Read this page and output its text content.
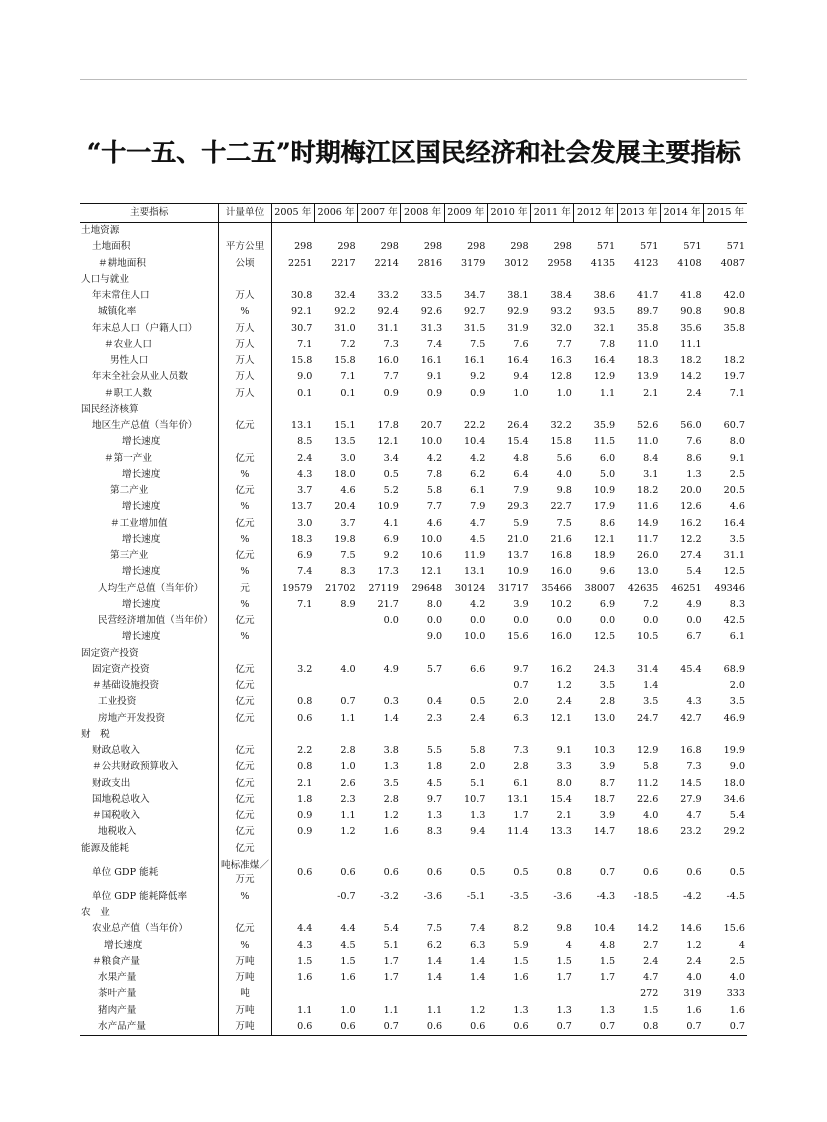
“十一五、十二五”时期梅江区国民经济和社会发展主要指标
主要指标	计量单位	2005 年	2006 年	2007 年	2008 年	2009 年	2010 年	2011 年	2012 年	2013 年	2014 年	2015 年
土地资源												
土地面积	平方公里	298	298	298	298	298	298	298	571	571	571	571
＃耕地面积	公顷	2251	2217	2214	2816	3179	3012	2958	4135	4123	4108	4087
人口与就业												
年末常住人口	万人	30.8	32.4	33.2	33.5	34.7	38.1	38.4	38.6	41.7	41.8	42.0
城镇化率	%	92.1	92.2	92.4	92.6	92.7	92.9	93.2	93.5	89.7	90.8	90.8
年末总人口（户籍人口）	万人	30.7	31.0	31.1	31.3	31.5	31.9	32.0	32.1	35.8	35.6	35.8
＃农业人口	万人	7.1	7.2	7.3	7.4	7.5	7.6	7.7	7.8	11.0	11.1	
男性人口	万人	15.8	15.8	16.0	16.1	16.1	16.4	16.3	16.4	18.3	18.2	18.2
年末全社会从业人员数	万人	9.0	7.1	7.7	9.1	9.2	9.4	12.8	12.9	13.9	14.2	19.7
＃职工人数	万人	0.1	0.1	0.9	0.9	0.9	1.0	1.0	1.1	2.1	2.4	7.1
国民经济核算												
地区生产总值（当年价）	亿元	13.1	15.1	17.8	20.7	22.2	26.4	32.2	35.9	52.6	56.0	60.7
增长速度		8.5	13.5	12.1	10.0	10.4	15.4	15.8	11.5	11.0	7.6	8.0
＃第一产业	亿元	2.4	3.0	3.4	4.2	4.2	4.8	5.6	6.0	8.4	8.6	9.1
增长速度	%	4.3	18.0	0.5	7.8	6.2	6.4	4.0	5.0	3.1	1.3	2.5
第二产业	亿元	3.7	4.6	5.2	5.8	6.1	7.9	9.8	10.9	18.2	20.0	20.5
增长速度	%	13.7	20.4	10.9	7.7	7.9	29.3	22.7	17.9	11.6	12.6	4.6
＃工业增加值	亿元	3.0	3.7	4.1	4.6	4.7	5.9	7.5	8.6	14.9	16.2	16.4
增长速度	%	18.3	19.8	6.9	10.0	4.5	21.0	21.6	12.1	11.7	12.2	3.5
第三产业	亿元	6.9	7.5	9.2	10.6	11.9	13.7	16.8	18.9	26.0	27.4	31.1
增长速度	%	7.4	8.3	17.3	12.1	13.1	10.9	16.0	9.6	13.0	5.4	12.5
人均生产总值（当年价）	元	19579	21702	27119	29648	30124	31717	35466	38007	42635	46251	49346
增长速度	%	7.1	8.9	21.7	8.0	4.2	3.9	10.2	6.9	7.2	4.9	8.3
民营经济增加值（当年价）	亿元			0.0	0.0	0.0	0.0	0.0	0.0	0.0	0.0	42.5
增长速度	%				9.0	10.0	15.6	16.0	12.5	10.5	6.7	6.1
固定资产投资												
固定资产投资	亿元	3.2	4.0	4.9	5.7	6.6	9.7	16.2	24.3	31.4	45.4	68.9
＃基础设施投资	亿元						0.7	1.2	3.5	1.4		2.0
工业投资	亿元	0.8	0.7	0.3	0.4	0.5	2.0	2.4	2.8	3.5	4.3	3.5
房地产开发投资	亿元	0.6	1.1	1.4	2.3	2.4	6.3	12.1	13.0	24.7	42.7	46.9
财　税												
财政总收入	亿元	2.2	2.8	3.8	5.5	5.8	7.3	9.1	10.3	12.9	16.8	19.9
＃公共财政预算收入	亿元	0.8	1.0	1.3	1.8	2.0	2.8	3.3	3.9	5.8	7.3	9.0
财政支出	亿元	2.1	2.6	3.5	4.5	5.1	6.1	8.0	8.7	11.2	14.5	18.0
国地税总收入	亿元	1.8	2.3	2.8	9.7	10.7	13.1	15.4	18.7	22.6	27.9	34.6
＃国税收入	亿元	0.9	1.1	1.2	1.3	1.3	1.7	2.1	3.9	4.0	4.7	5.4
地税收入	亿元	0.9	1.2	1.6	8.3	9.4	11.4	13.3	14.7	18.6	23.2	29.2
能源及能耗	亿元											
单位 GDP 能耗	吨标准煤／万元	0.6	0.6	0.6	0.6	0.5	0.5	0.8	0.7	0.6	0.6	0.5
单位 GDP 能耗降低率	%		-0.7	-3.2	-3.6	-5.1	-3.5	-3.6	-4.3	-18.5	-4.2	-4.5
农　业												
农业总产值（当年价）	亿元	4.4	4.4	5.4	7.5	7.4	8.2	9.8	10.4	14.2	14.6	15.6
增长速度	%	4.3	4.5	5.1	6.2	6.3	5.9	4	4.8	2.7	1.2	4
＃粮食产量	万吨	1.5	1.5	1.7	1.4	1.4	1.5	1.5	1.5	2.4	2.4	2.5
水果产量	万吨	1.6	1.6	1.7	1.4	1.4	1.6	1.7	1.7	4.7	4.0	4.0
茶叶产量	吨									272	319	333
猪肉产量	万吨	1.1	1.0	1.1	1.1	1.2	1.3	1.3	1.3	1.5	1.6	1.6
水产品产量	万吨	0.6	0.6	0.7	0.6	0.6	0.6	0.7	0.7	0.8	0.7	0.7
